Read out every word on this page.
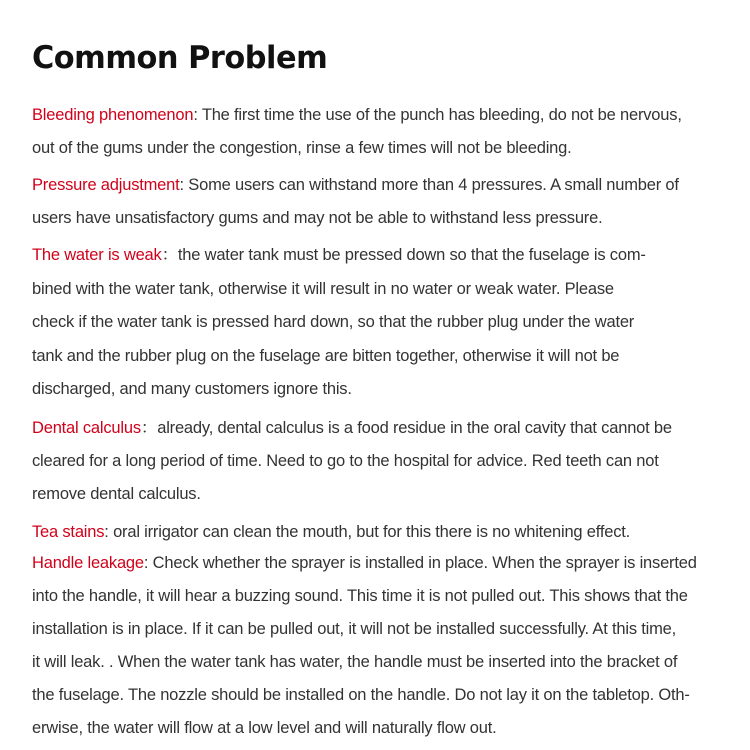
Common Problem

Bleeding phenomenon: The first time the use of the punch has bleeding, do not be nervous,
out of the gums under the congestion, rinse a few times will not be bleeding.

Pressure adjustment: Some users can withstand more than 4 pressures. A small number of
users have unsatisfactory gums and may not be able to withstand less pressure.

The water is weak：the water tank must be pressed down so that the fuselage is com-
bined with the water tank, otherwise it will result in no water or weak water. Please
check if the water tank is pressed hard down, so that the rubber plug under the water
tank and the rubber plug on the fuselage are bitten together, otherwise it will not be
discharged, and many customers ignore this.

Dental calculus：already, dental calculus is a food residue in the oral cavity that cannot be
cleared for a long period of time. Need to go to the hospital for advice. Red teeth can not
remove dental calculus.

Tea stains: oral irrigator can clean the mouth, but for this there is no whitening effect.

Handle leakage: Check whether the sprayer is installed in place. When the sprayer is inserted
into the handle, it will hear a buzzing sound. This time it is not pulled out. This shows that the
installation is in place. If it can be pulled out, it will not be installed successfully. At this time,
it will leak. . When the water tank has water, the handle must be inserted into the bracket of
the fuselage. The nozzle should be installed on the handle. Do not lay it on the tabletop. Oth-
erwise, the water will flow at a low level and will naturally flow out.
